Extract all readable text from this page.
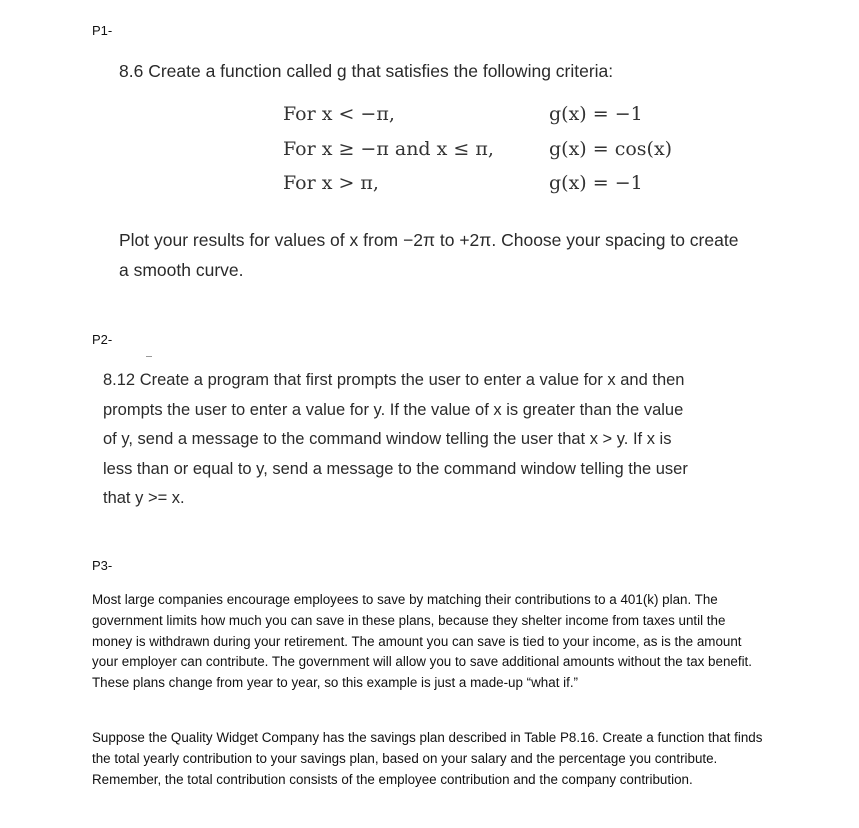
P1-
8.6 Create a function called g that satisfies the following criteria:
For x < −π,	g(x) = −1
For x ≥ −π and x ≤ π,	g(x) = cos(x)
For x > π,	g(x) = −1
Plot your results for values of x from −2π to +2π. Choose your spacing to create
a smooth curve.
P2-
8.12 Create a program that first prompts the user to enter a value for x and then
prompts the user to enter a value for y. If the value of x is greater than the value
of y, send a message to the command window telling the user that x > y. If x is
less than or equal to y, send a message to the command window telling the user
that y >= x.
P3-
Most large companies encourage employees to save by matching their contributions to a 401(k) plan. The government limits how much you can save in these plans, because they shelter income from taxes until the money is withdrawn during your retirement. The amount you can save is tied to your income, as is the amount your employer can contribute. The government will allow you to save additional amounts without the tax benefit. These plans change from year to year, so this example is just a made-up “what if.”
Suppose the Quality Widget Company has the savings plan described in Table P8.16. Create a function that finds the total yearly contribution to your savings plan, based on your salary and the percentage you contribute. Remember, the total contribution consists of the employee contribution and the company contribution.
